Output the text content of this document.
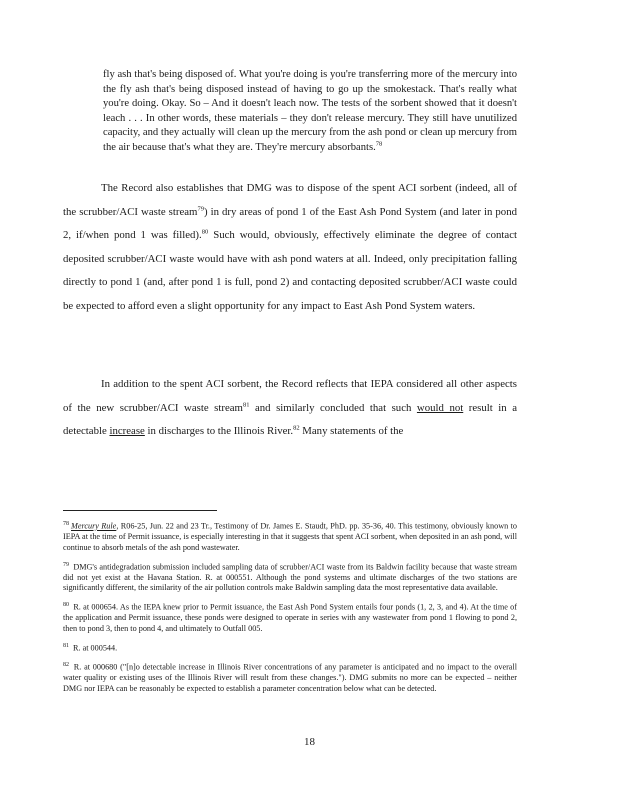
fly ash that's being disposed of. What you're doing is you're transferring more of the mercury into the fly ash that's being disposed instead of having to go up the smokestack. That's really what you're doing. Okay. So – And it doesn't leach now. The tests of the sorbent showed that it doesn't leach . . . In other words, these materials – they don't release mercury. They still have unutilized capacity, and they actually will clean up the mercury from the ash pond or clean up mercury from the air because that's what they are. They're mercury absorbants.$^{78}$
The Record also establishes that DMG was to dispose of the spent ACI sorbent (indeed, all of the scrubber/ACI waste stream$^{79}$) in dry areas of pond 1 of the East Ash Pond System (and later in pond 2, if/when pond 1 was filled).$^{80}$ Such would, obviously, effectively eliminate the degree of contact deposited scrubber/ACI waste would have with ash pond waters at all. Indeed, only precipitation falling directly to pond 1 (and, after pond 1 is full, pond 2) and contacting deposited scrubber/ACI waste could be expected to afford even a slight opportunity for any impact to East Ash Pond System waters.
In addition to the spent ACI sorbent, the Record reflects that IEPA considered all other aspects of the new scrubber/ACI waste stream$^{81}$ and similarly concluded that such would not result in a detectable increase in discharges to the Illinois River.$^{82}$ Many statements of the
$^{78}$ Mercury Rule, R06-25, Jun. 22 and 23 Tr., Testimony of Dr. James E. Staudt, PhD. pp. 35-36, 40. This testimony, obviously known to IEPA at the time of Permit issuance, is especially interesting in that it suggests that spent ACI sorbent, when deposited in an ash pond, will continue to absorb metals of the ash pond wastewater.
$^{79}$ DMG's antidegradation submission included sampling data of scrubber/ACI waste from its Baldwin facility because that waste stream did not yet exist at the Havana Station. R. at 000551. Although the pond systems and ultimate discharges of the two stations are significantly different, the similarity of the air pollution controls make Baldwin sampling data the most representative data available.
$^{80}$ R. at 000654. As the IEPA knew prior to Permit issuance, the East Ash Pond System entails four ponds (1, 2, 3, and 4). At the time of the application and Permit issuance, these ponds were designed to operate in series with any wastewater from pond 1 flowing to pond 2, then to pond 3, then to pond 4, and ultimately to Outfall 005.
$^{81}$ R. at 000544.
$^{82}$ R. at 000680 ("[n]o detectable increase in Illinois River concentrations of any parameter is anticipated and no impact to the overall water quality or existing uses of the Illinois River will result from these changes."). DMG submits no more can be expected – neither DMG nor IEPA can be reasonably be expected to establish a parameter concentration below what can be detected.
18
